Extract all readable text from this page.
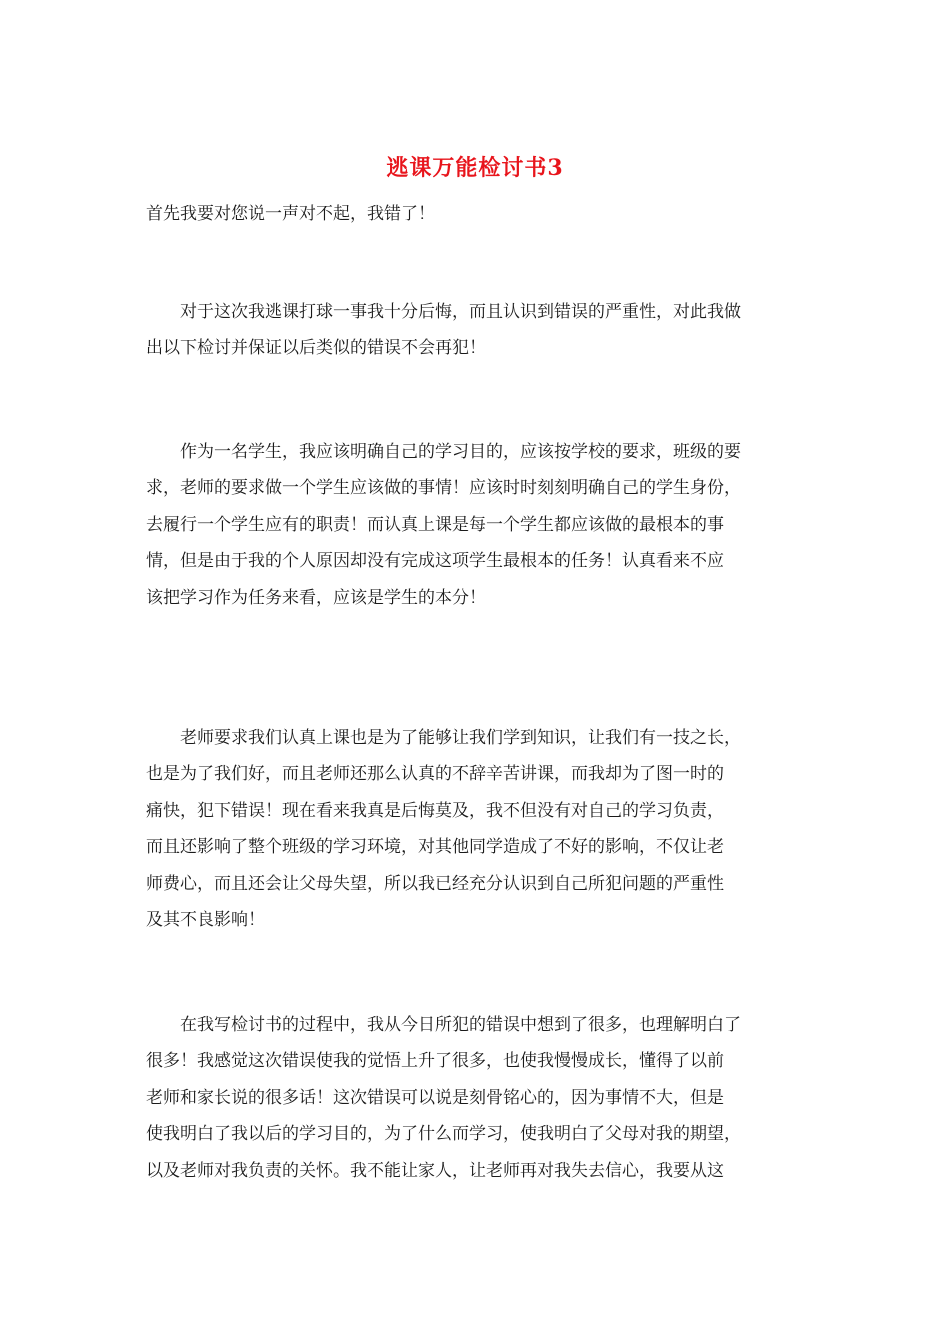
逃课万能检讨书3

首先我要对您说一声对不起，我错了！

　　对于这次我逃课打球一事我十分后悔，而且认识到错误的严重性，对此我做
出以下检讨并保证以后类似的错误不会再犯！

　　作为一名学生，我应该明确自己的学习目的，应该按学校的要求，班级的要
求，老师的要求做一个学生应该做的事情！应该时时刻刻明确自己的学生身份，
去履行一个学生应有的职责！而认真上课是每一个学生都应该做的最根本的事
情，但是由于我的个人原因却没有完成这项学生最根本的任务！认真看来不应
该把学习作为任务来看，应该是学生的本分！

　　老师要求我们认真上课也是为了能够让我们学到知识，让我们有一技之长，
也是为了我们好，而且老师还那么认真的不辞辛苦讲课，而我却为了图一时的
痛快，犯下错误！现在看来我真是后悔莫及，我不但没有对自己的学习负责，
而且还影响了整个班级的学习环境，对其他同学造成了不好的影响，不仅让老
师费心，而且还会让父母失望，所以我已经充分认识到自己所犯问题的严重性
及其不良影响！

　　在我写检讨书的过程中，我从今日所犯的错误中想到了很多，也理解明白了
很多！我感觉这次错误使我的觉悟上升了很多，也使我慢慢成长，懂得了以前
老师和家长说的很多话！这次错误可以说是刻骨铭心的，因为事情不大，但是
使我明白了我以后的学习目的，为了什么而学习，使我明白了父母对我的期望，
以及老师对我负责的关怀。我不能让家人，让老师再对我失去信心，我要从这
